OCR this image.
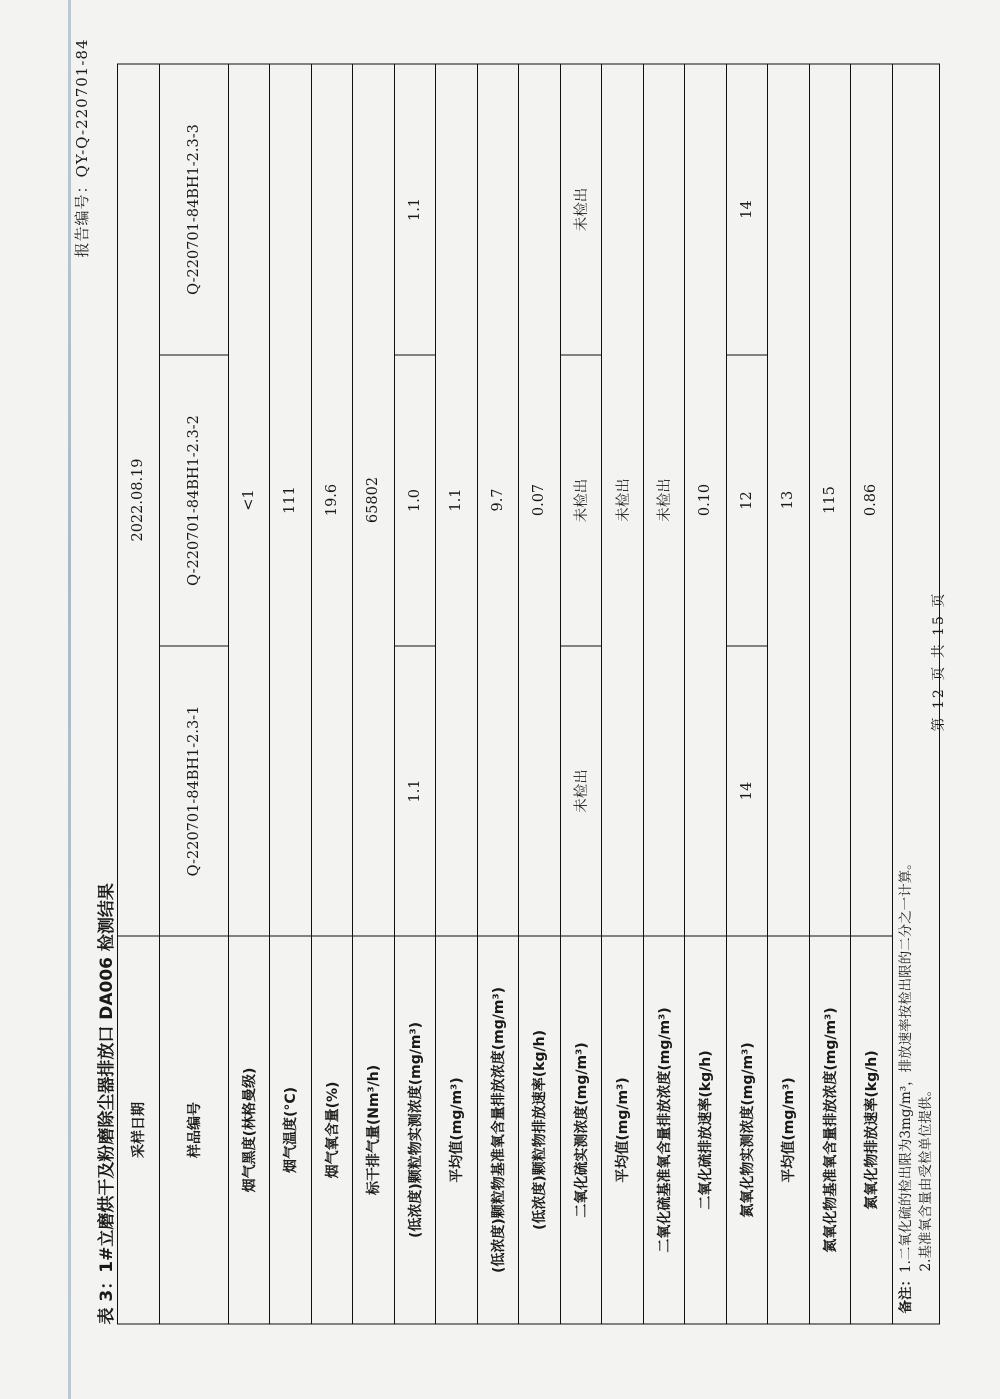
报告编号：QY-Q-220701-84
表 3：1#立磨烘干及粉磨除尘器排放口 DA006 检测结果 采样日期	2022.08.19		
样品编号	Q-220701-84BH1-2.3-1	Q-220701-84BH1-2.3-2	Q-220701-84BH1-2.3-3
烟气黑度(林格曼级)	<1		
烟气温度(°C)	111		
烟气氧含量(%)	19.6		
标干排气量(Nm³/h)	65802		
(低浓度)颗粒物实测浓度(mg/m³)	1.1	1.0	1.1
平均值(mg/m³)	1.1		
(低浓度)颗粒物基准氧含量排放浓度(mg/m³)	9.7		
(低浓度)颗粒物排放速率(kg/h)	0.07		
二氧化硫实测浓度(mg/m³)	未检出	未检出	未检出
平均值(mg/m³)	未检出		
二氧化硫基准氧含量排放浓度(mg/m³)	未检出		
二氧化硫排放速率(kg/h)	0.10		
氮氧化物实测浓度(mg/m³)	14	12	14
平均值(mg/m³)	13		
氮氧化物基准氧含量排放浓度(mg/m³)	115		
氮氧化物排放速率(kg/h)	0.86		
备注：1.二氧化硫的检出限为3mg/m³，排放速率按检出限的二分之一计算。 2.基准氧含量由受检单位提供。			
第 12 页 共 15 页
